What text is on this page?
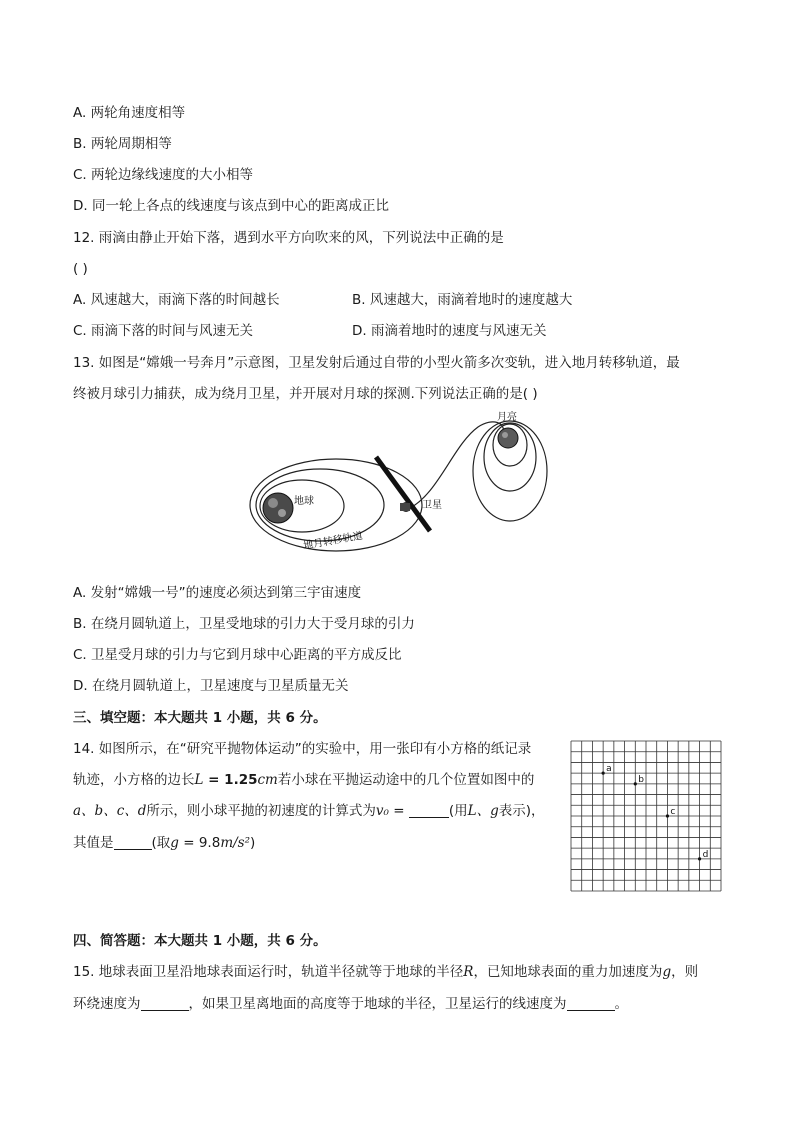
A. 两轮角速度相等
B. 两轮周期相等
C. 两轮边缘线速度的大小相等
D. 同一轮上各点的线速度与该点到中心的距离成正比
12. 雨滴由静止开始下落，遇到水平方向吹来的风，下列说法中正确的是
( )
A. 风速越大，雨滴下落的时间越长	B. 风速越大，雨滴着地时的速度越大
C. 雨滴下落的时间与风速无关	D. 雨滴着地时的速度与风速无关
13. 如图是“嫦娥一号奔月”示意图，卫星发射后通过自带的小型火箭多次变轨，进入地月转移轨道，最
终被月球引力捕获，成为绕月卫星，并开展对月球的探测.下列说法正确的是( )
地球	卫星
月亮
地月转移轨道
A. 发射“嫦娥一号”的速度必须达到第三宇宙速度
B. 在绕月圆轨道上，卫星受地球的引力大于受月球的引力
C. 卫星受月球的引力与它到月球中心距离的平方成反比
D. 在绕月圆轨道上，卫星速度与卫星质量无关
三、填空题：本大题共 1 小题，共 6 分。
14. 如图所示，在“研究平抛物体运动”的实验中，用一张印有小方格的纸记录
轨迹，小方格的边长L = 1.25cm若小球在平抛运动途中的几个位置如图中的
a、b、c、d所示，则小球平抛的初速度的计算式为v₀ =	(用L、g表示)，
其值是	(取g = 9.8m/s²)
a
b
c
d
四、简答题：本大题共 1 小题，共 6 分。
15. 地球表面卫星沿地球表面运行时，轨道半径就等于地球的半径R，已知地球表面的重力加速度为g，则
环绕速度为	，如果卫星离地面的高度等于地球的半径，卫星运行的线速度为	。
